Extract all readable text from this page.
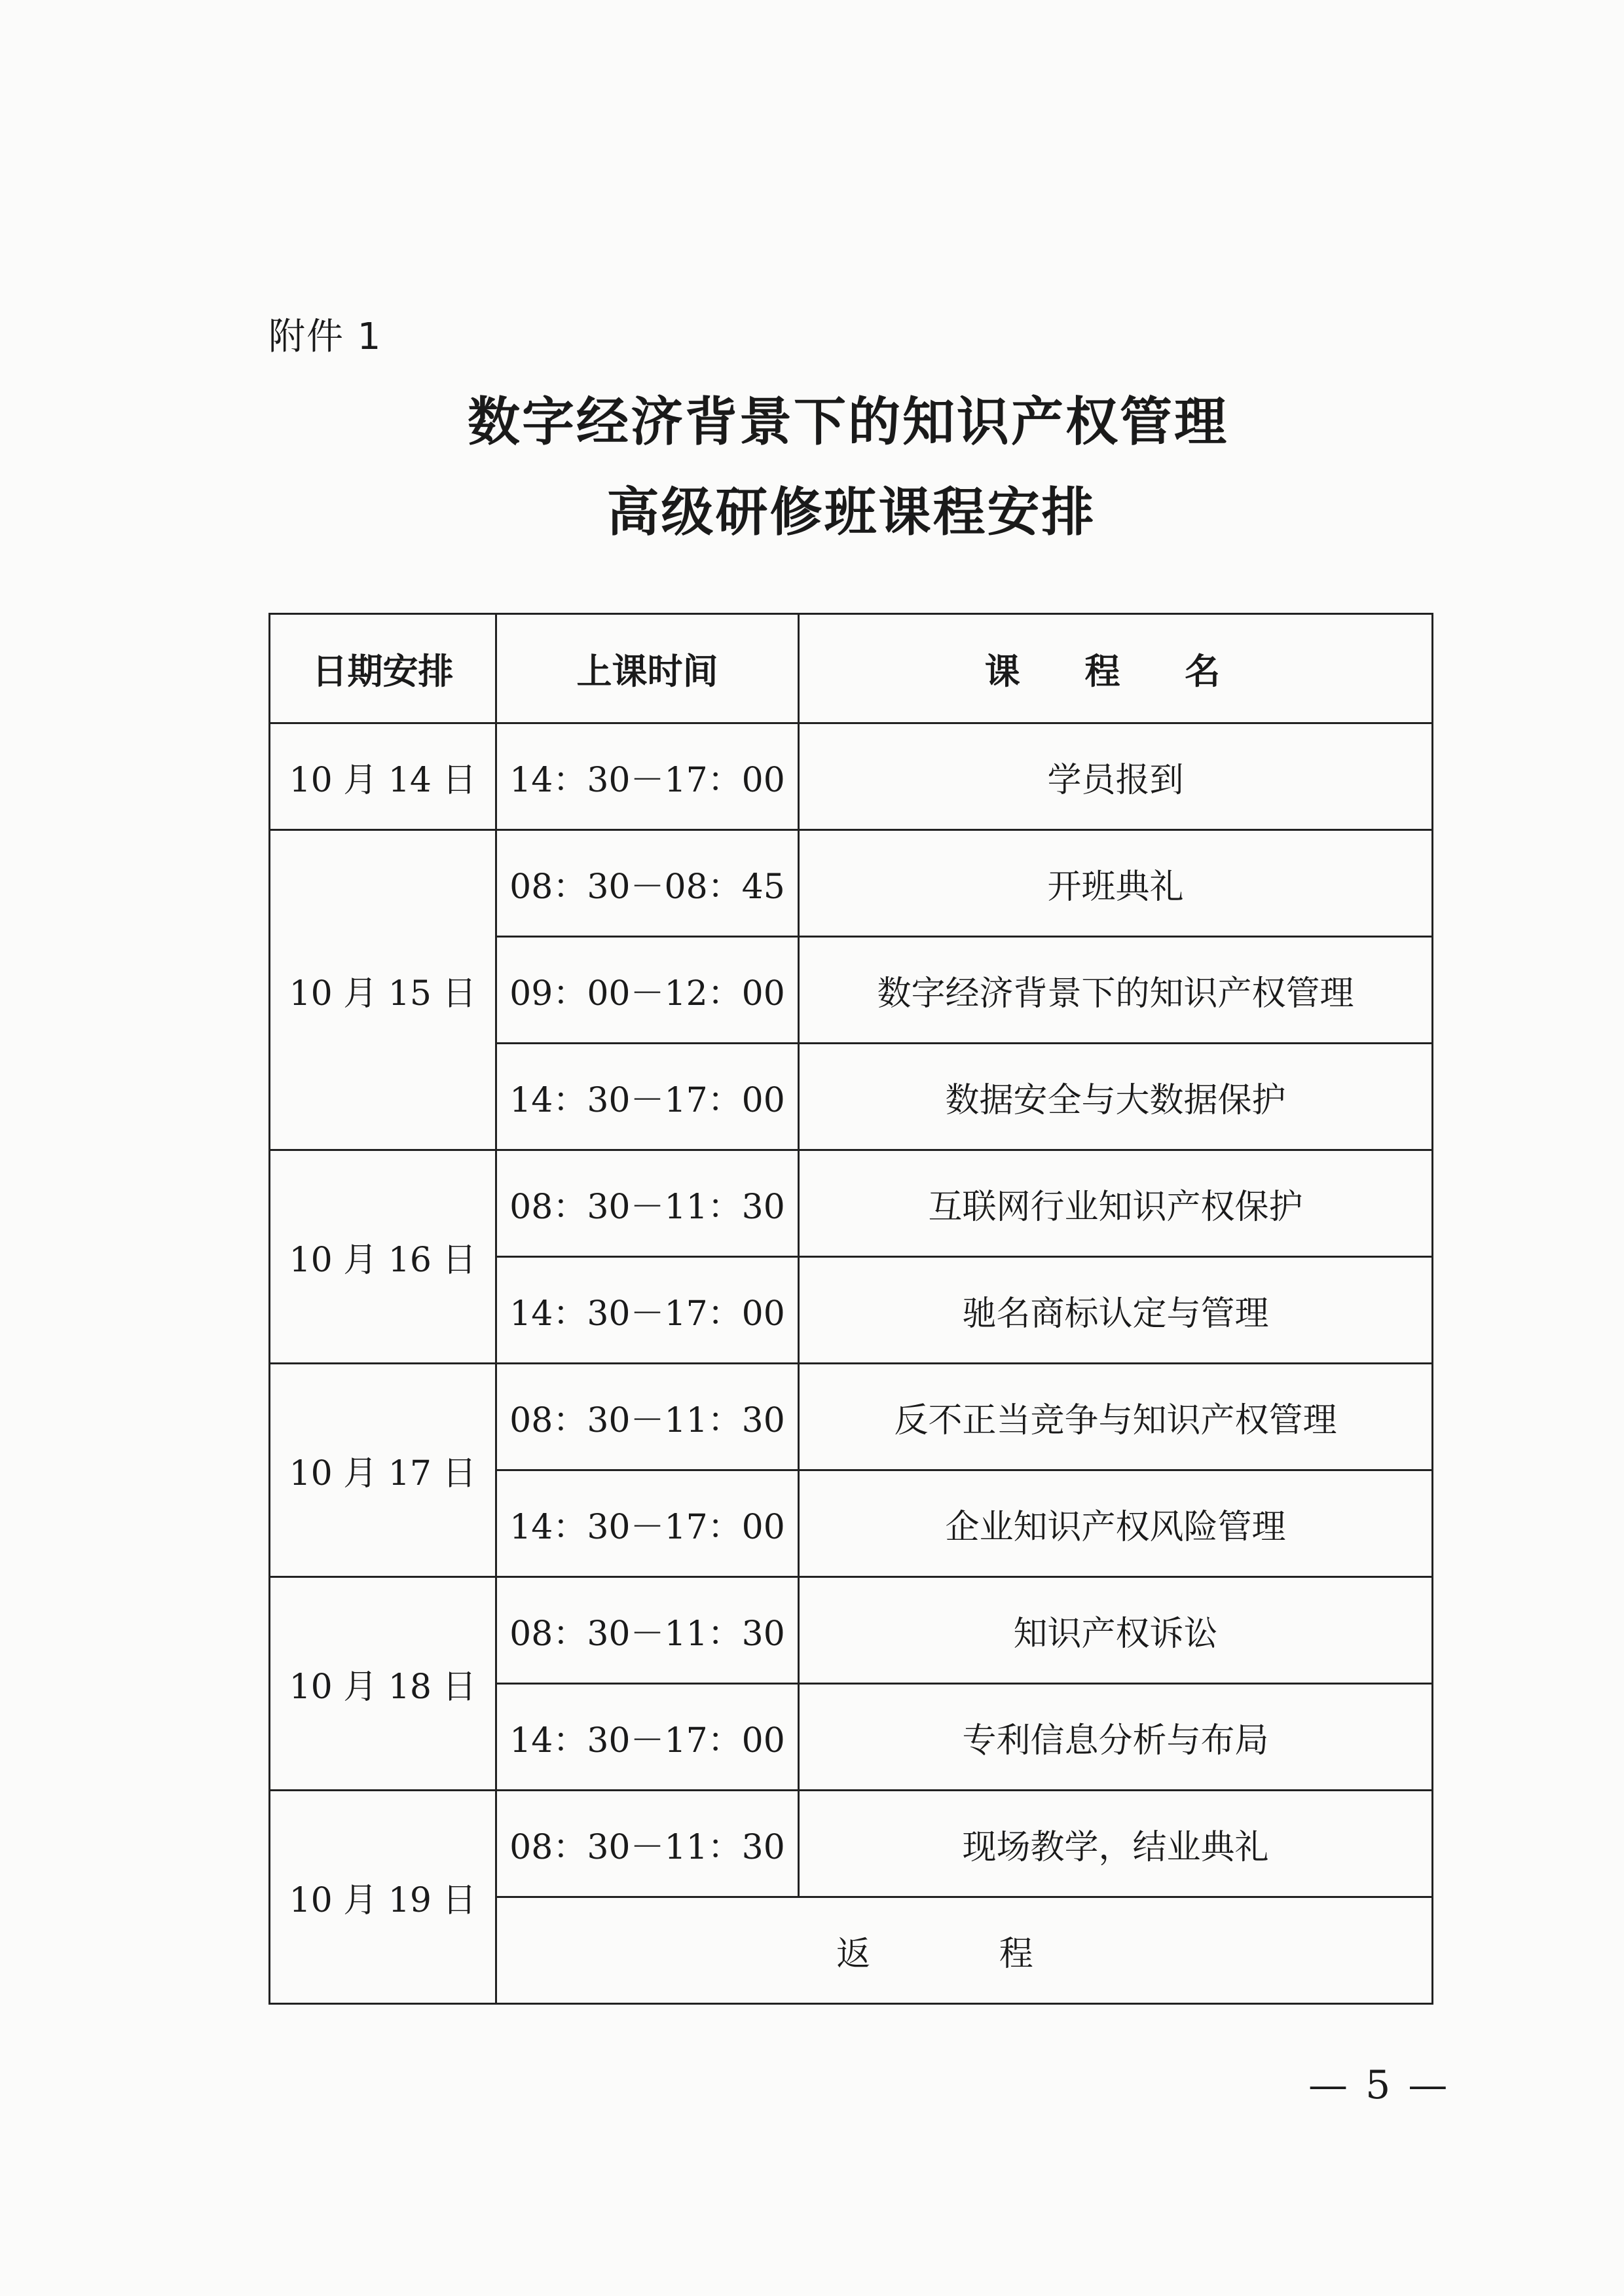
附件 1
数字经济背景下的知识产权管理
高级研修班课程安排
日期安排	上课时间	课 程 名
10 月 14 日	14：30－17：00	学员报到
10 月 15 日	08：30－08：45	开班典礼
	09：00－12：00	数字经济背景下的知识产权管理
	14：30－17：00	数据安全与大数据保护
10 月 16 日	08：30－11：30	互联网行业知识产权保护
	14：30－17：00	驰名商标认定与管理
10 月 17 日	08：30－11：30	反不正当竞争与知识产权管理
	14：30－17：00	企业知识产权风险管理
10 月 18 日	08：30－11：30	知识产权诉讼
	14：30－17：00	专利信息分析与布局
10 月 19 日	08：30－11：30	现场教学，结业典礼
	返 程	
— 5 —
